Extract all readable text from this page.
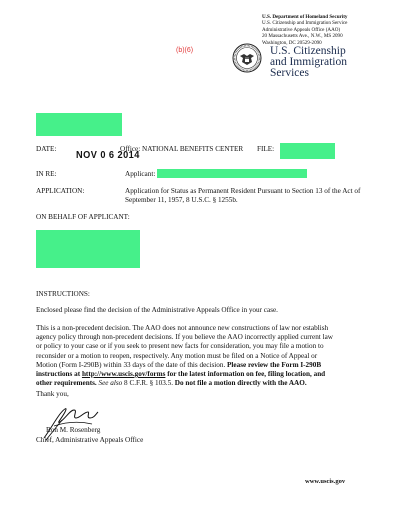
U.S. Department of Homeland Security
U.S. Citizenship and Immigration Service
Administrative Appeals Office (AAO)
20 Massachusetts Ave., N.W., MS 2090
Washington, DC 20529-2090
(b)(6)	U.S. Citizenship
and Immigration
Services
DATE:	Office: NATIONAL BENEFITS CENTER FILE:
NOV 0 6 2014
IN RE:	Applicant:
APPLICATION:	Application for Status as Permanent Resident Pursuant to Section 13 of the Act of
September 11, 1957, 8 U.S.C. § 1255b.
ON BEHALF OF APPLICANT:
INSTRUCTIONS:
Enclosed please find the decision of the Administrative Appeals Office in your case.
This is a non-precedent decision. The AAO does not announce new constructions of law nor establish
agency policy through non-precedent decisions. If you believe the AAO incorrectly applied current law
or policy to your case or if you seek to present new facts for consideration, you may file a motion to
reconsider or a motion to reopen, respectively. Any motion must be filed on a Notice of Appeal or
Motion (Form I-290B) within 33 days of the date of this decision. Please review the Form I-290B
instructions at http://www.uscis.gov/forms for the latest information on fee, filing location, and
other requirements. See also 8 C.F.R. § 103.5. Do not file a motion directly with the AAO.
Thank you,
Ron M. Rosenberg
Chief, Administrative Appeals Office
www.uscis.gov
